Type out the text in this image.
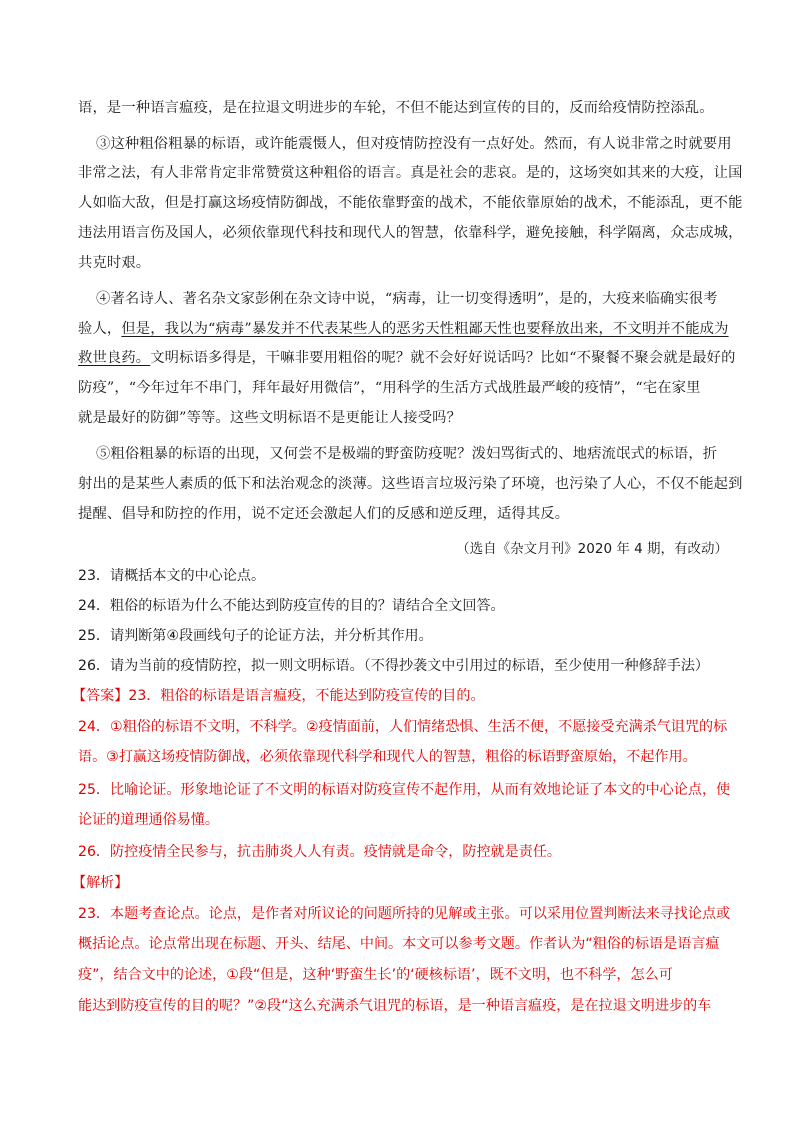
语，是一种语言瘟疫，是在拉退文明进步的车轮，不但不能达到宣传的目的，反而给疫情防控添乱。
③这种粗俗粗暴的标语，或许能震慑人，但对疫情防控没有一点好处。然而，有人说非常之时就要用
非常之法，有人非常肯定非常赞赏这种粗俗的语言。真是社会的悲哀。是的，这场突如其来的大疫，让国
人如临大敌，但是打赢这场疫情防御战，不能依靠野蛮的战术，不能依靠原始的战术，不能添乱，更不能
违法用语言伤及国人，必须依靠现代科技和现代人的智慧，依靠科学，避免接触，科学隔离，众志成城，
共克时艰。
④著名诗人、著名杂文家彭俐在杂文诗中说，“病毒，让一切变得透明”，是的，大疫来临确实很考
验人，但是，我以为“病毒”暴发并不代表某些人的恶劣天性粗鄙天性也要释放出来，不文明并不能成为
救世良药。文明标语多得是，干嘛非要用粗俗的呢？就不会好好说话吗？比如“不聚餐不聚会就是最好的
防疫”，“今年过年不串门，拜年最好用微信”，“用科学的生活方式战胜最严峻的疫情”，“宅在家里
就是最好的防御”等等。这些文明标语不是更能让人接受吗？
⑤粗俗粗暴的标语的出现，又何尝不是极端的野蛮防疫呢？泼妇骂街式的、地痞流氓式的标语，折
射出的是某些人素质的低下和法治观念的淡薄。这些语言垃圾污染了环境，也污染了人心，不仅不能起到
提醒、倡导和防控的作用，说不定还会激起人们的反感和逆反理，适得其反。
（选自《杂文月刊》2020 年 4 期，有改动）
23．请概括本文的中心论点。
24．粗俗的标语为什么不能达到防疫宣传的目的？请结合全文回答。
25．请判断第④段画线句子的论证方法，并分析其作用。
26．请为当前的疫情防控，拟一则文明标语。（不得抄袭文中引用过的标语，至少使用一种修辞手法）
【答案】23．粗俗的标语是语言瘟疫，不能达到防疫宣传的目的。
24．①粗俗的标语不文明，不科学。②疫情面前，人们情绪恐惧、生活不便，不愿接受充满杀气诅咒的标
语。③打赢这场疫情防御战，必须依靠现代科学和现代人的智慧，粗俗的标语野蛮原始，不起作用。
25．比喻论证。形象地论证了不文明的标语对防疫宣传不起作用，从而有效地论证了本文的中心论点，使
论证的道理通俗易懂。
26．防控疫情全民参与，抗击肺炎人人有责。疫情就是命令，防控就是责任。
【解析】
23．本题考查论点。论点，是作者对所议论的问题所持的见解或主张。可以采用位置判断法来寻找论点或
概括论点。论点常出现在标题、开头、结尾、中间。本文可以参考文题。作者认为“粗俗的标语是语言瘟
疫”，结合文中的论述，①段“但是，这种‘野蛮生长’的‘硬核标语’，既不文明，也不科学，怎么可
能达到防疫宣传的目的呢？”②段“这么充满杀气诅咒的标语，是一种语言瘟疫，是在拉退文明进步的车
